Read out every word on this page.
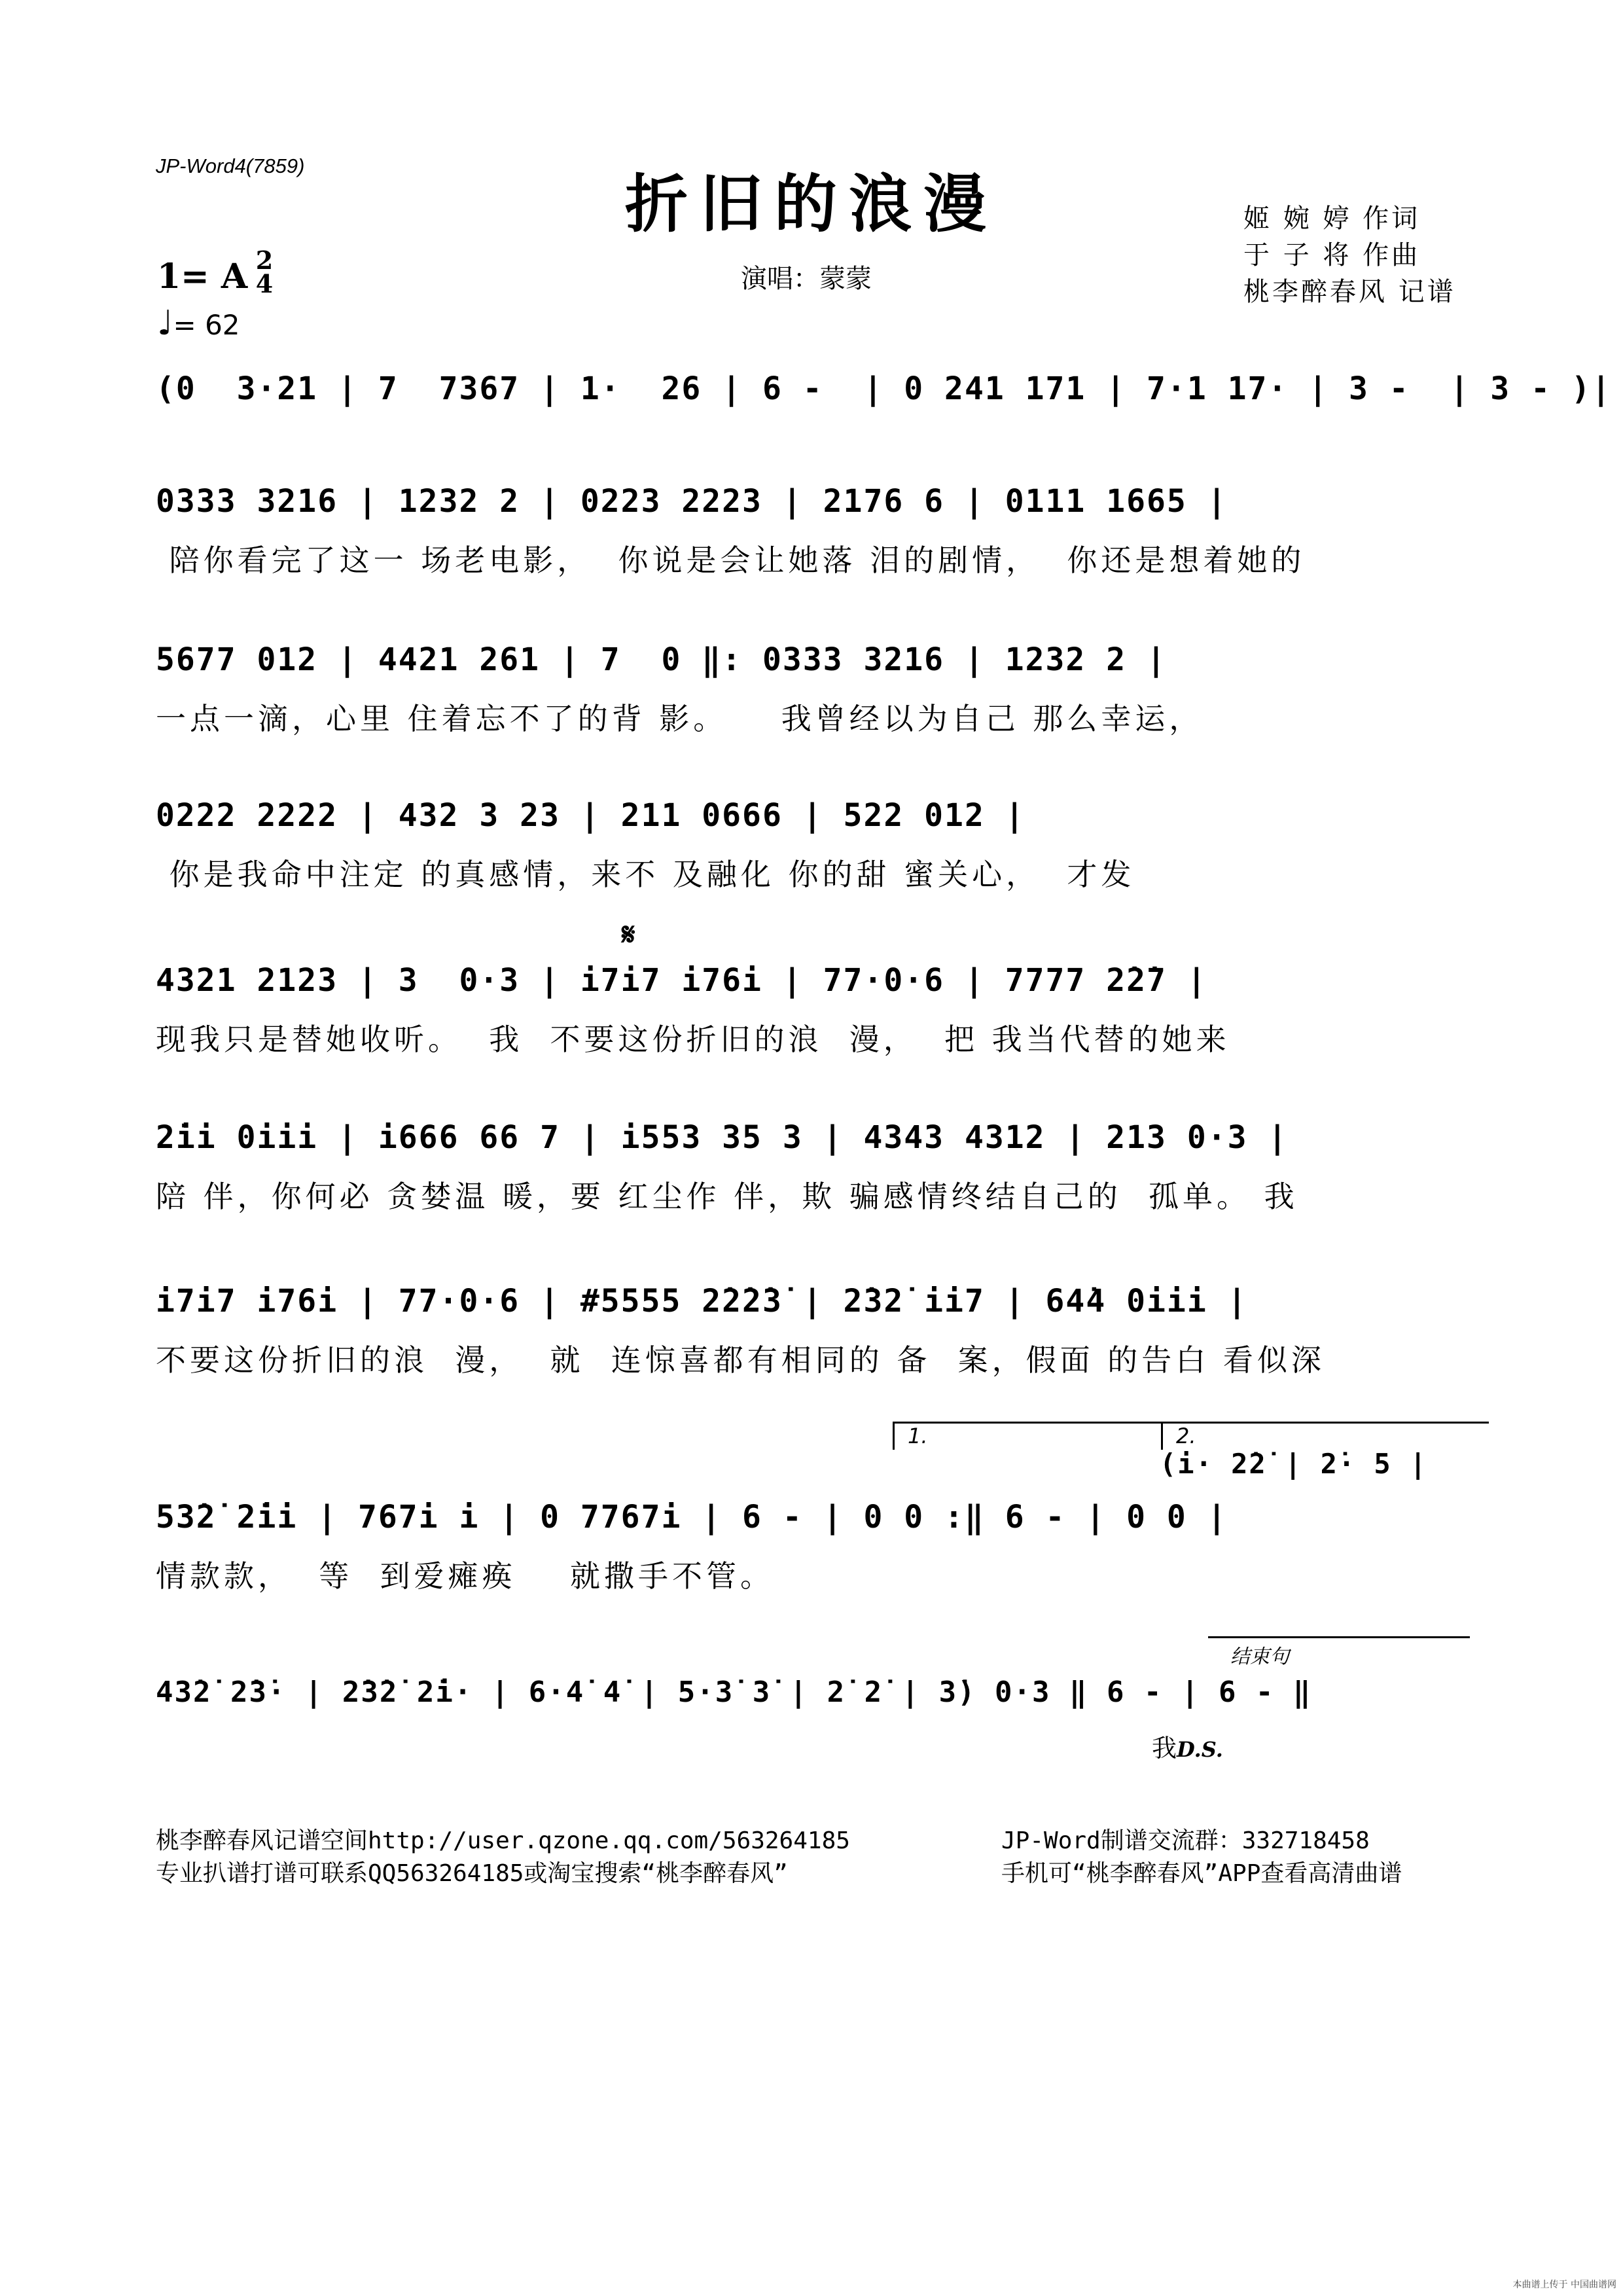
JP-Word4(7859)
折旧的浪漫	姬 婉 婷 作词
于 子 将 作曲
桃李醉春风 记谱
演唱：蒙蒙
1= A 2
4
♩= 62
(0  3·21 | 7  7367 | 1·  26 | 6 -  | 0 241 171 | 7·1 17· | 3 -  | 3 - )|
0333 3216 | 1232 2 | 0223 2223 | 2176 6 | 0111 1665 |
陪你看完了这一 场老电影，  你说是会让她落 泪的剧情，  你还是想着她的
5677 012 | 4421 261 | 7  0 ‖: 0333 3216 | 1232 2 |
一点一滴，心里 住着忘不了的背 影。    我曾经以为自己 那么幸运，
0222 2222 | 432 3 23 | 211 0666 | 522 012 |
你是我命中注定 的真感情，来不 及融化 你的甜 蜜关心，  才发
𝄋
4321 2123 | 3  0·3 | i7i7 i76i | 77·0·6 | 7777 2̇2̇7 |
现我只是替她收听。  我  不要这份折旧的浪  漫，  把 我当代替的她来
2̇ii 0iii | i666 66 7 | i553 35 3 | 4343 4312 | 213 0·3 |
陪 伴，你何必 贪婪温 暖，要 红尘作 伴，欺 骗感情终结自己的  孤单。 我
i7i7 i76i | 77·0·6 | #5555 2̇2̇2̇3̇ | 2̇32̇ ii7 | 64̇4 0iii |
不要这份折旧的浪  漫，  就  连惊喜都有相同的 备  案，假面 的告白 看似深
1.	2.
(i· 2̇2̇ | 2̇· 5 |
53̇2̇ 2̇ii | 767i i | 0 7767i | 6 - | 0 0 :‖ 6 - | 0 0 |
情款款，  等  到爱瘫痪    就撒手不管。
结束句
43̇2̇ 2̇3̇· | 2̇3̇2̇ 2̇i· | 6·4̇ 4̇ | 5·3̇ 3̇ | 2̇ 2̇ | 3̇) 0·3 ‖ 6 - | 6 - ‖
我D.S.
桃李醉春风记谱空间http://user.qzone.qq.com/563264185
专业扒谱打谱可联系QQ563264185或淘宝搜索“桃李醉春风”
JP-Word制谱交流群：332718458
手机可“桃李醉春风”APP查看高清曲谱
本曲谱上传于 中国曲谱网
